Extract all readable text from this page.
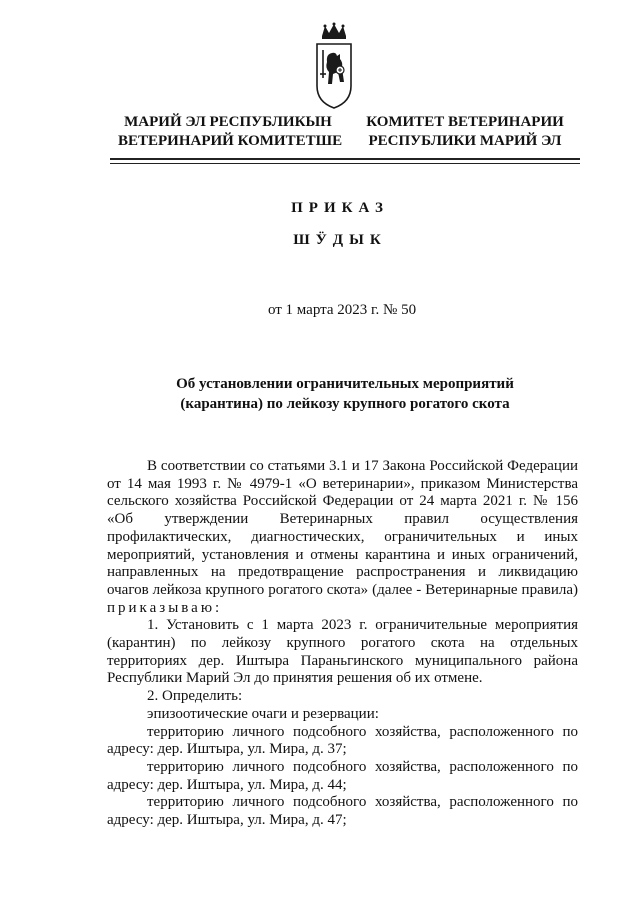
МАРИЙ ЭЛ РЕСПУБЛИКЫН
ВЕТЕРИНАРИЙ КОМИТЕТШЕ
КОМИТЕТ ВЕТЕРИНАРИИ
РЕСПУБЛИКИ МАРИЙ ЭЛ
ПРИКАЗ
ШӰДЫК
от 1 марта 2023 г. № 50
Об установлении ограничительных мероприятий
(карантина) по лейкозу крупного рогатого скота

В соответствии со статьями 3.1 и 17 Закона Российской Федерации от 14 мая 1993 г. № 4979-1 «О ветеринарии», приказом Министерства сельского хозяйства Российской Федерации от 24 марта 2021 г. № 156 «Об утверждении Ветеринарных правил осуществления профилактических, диагностических, ограничительных и иных мероприятий, установления и отмены карантина и иных ограничений, направленных на предотвращение распространения и ликвидацию очагов лейкоза крупного рогатого скота» (далее - Ветеринарные правила) приказываю:

1. Установить с 1 марта 2023 г. ограничительные мероприятия (карантин) по лейкозу крупного рогатого скота на отдельных территориях дер. Иштыра Параньгинского муниципального района Республики Марий Эл до принятия решения об их отмене.

2. Определить:

эпизоотические очаги и резервации:

территорию личного подсобного хозяйства, расположенного по адресу: дер. Иштыра, ул. Мира, д. 37;

территорию личного подсобного хозяйства, расположенного по адресу: дер. Иштыра, ул. Мира, д. 44;

территорию личного подсобного хозяйства, расположенного по адресу: дер. Иштыра, ул. Мира, д. 47;
